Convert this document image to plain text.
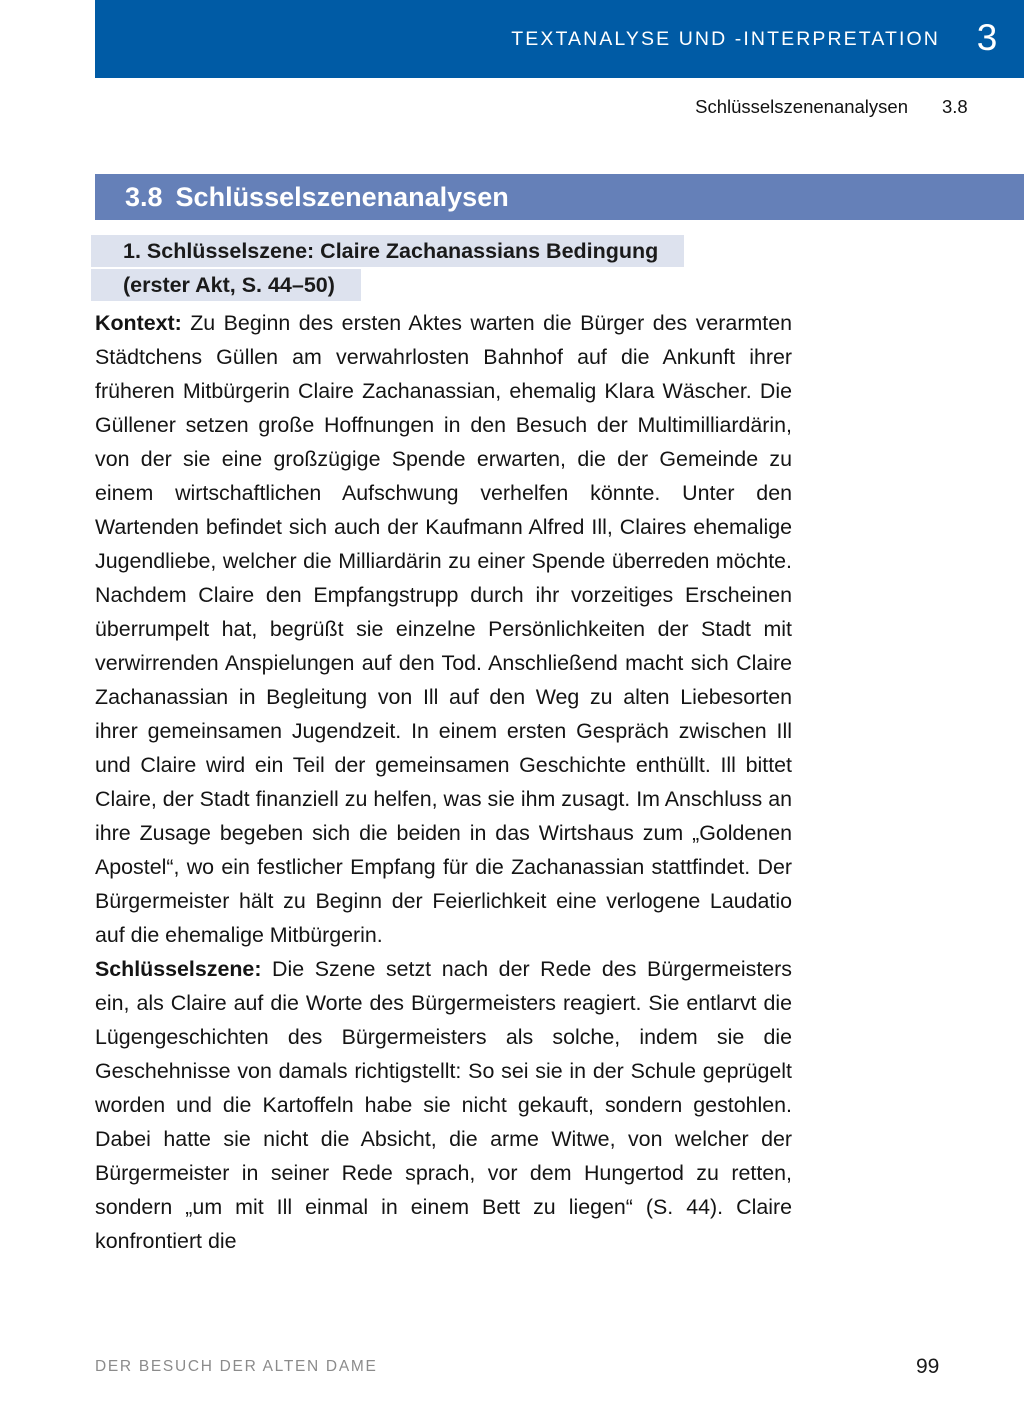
TEXTANALYSE UND -INTERPRETATION 3
Schlüsselszenenanalysen 3.8
3.8 Schlüsselszenenanalysen
1. Schlüsselszene: Claire Zachanassians Bedingung
(erster Akt, S. 44–50)

Kontext: Zu Beginn des ersten Aktes warten die Bürger des verarmten Städtchens Güllen am verwahrlosten Bahnhof auf die Ankunft ihrer früheren Mitbürgerin Claire Zachanassian, ehemalig Klara Wäscher. Die Güllener setzen große Hoffnungen in den Besuch der Multimilliardärin, von der sie eine großzügige Spende erwarten, die der Gemeinde zu einem wirtschaftlichen Aufschwung verhelfen könnte. Unter den Wartenden befindet sich auch der Kaufmann Alfred Ill, Claires ehemalige Jugendliebe, welcher die Milliardärin zu einer Spende überreden möchte. Nachdem Claire den Empfangstrupp durch ihr vorzeitiges Erscheinen überrumpelt hat, begrüßt sie einzelne Persönlichkeiten der Stadt mit verwirrenden Anspielungen auf den Tod. Anschließend macht sich Claire Zachanassian in Begleitung von Ill auf den Weg zu alten Liebesorten ihrer gemeinsamen Jugendzeit. In einem ersten Gespräch zwischen Ill und Claire wird ein Teil der gemeinsamen Geschichte enthüllt. Ill bittet Claire, der Stadt finanziell zu helfen, was sie ihm zusagt. Im Anschluss an ihre Zusage begeben sich die beiden in das Wirtshaus zum „Goldenen Apostel“, wo ein festlicher Empfang für die Zachanassian stattfindet. Der Bürgermeister hält zu Beginn der Feierlichkeit eine verlogene Laudatio auf die ehemalige Mitbürgerin.

Schlüsselszene: Die Szene setzt nach der Rede des Bürgermeisters ein, als Claire auf die Worte des Bürgermeisters reagiert. Sie entlarvt die Lügengeschichten des Bürgermeisters als solche, indem sie die Geschehnisse von damals richtigstellt: So sei sie in der Schule geprügelt worden und die Kartoffeln habe sie nicht gekauft, sondern gestohlen. Dabei hatte sie nicht die Absicht, die arme Witwe, von welcher der Bürgermeister in seiner Rede sprach, vor dem Hungertod zu retten, sondern „um mit Ill einmal in einem Bett zu liegen“ (S. 44). Claire konfrontiert die

DER BESUCH DER ALTEN DAME	99
